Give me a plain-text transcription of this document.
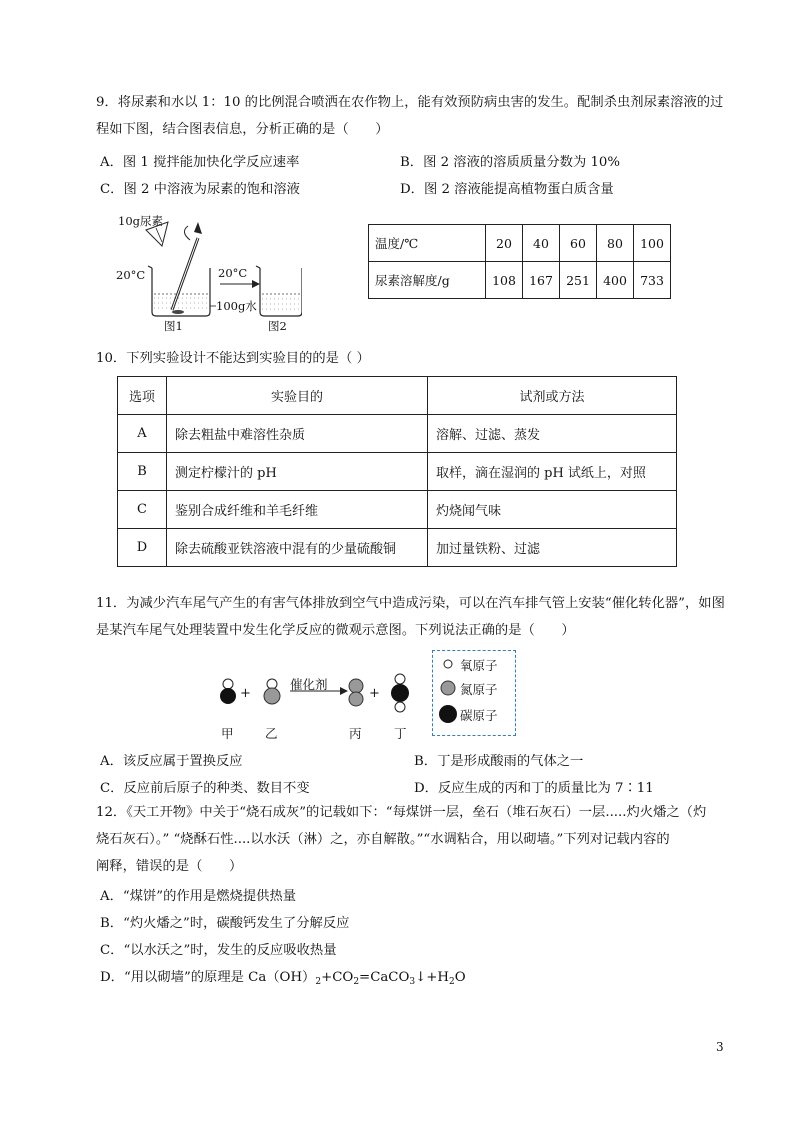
9．将尿素和水以 1：10 的比例混合喷洒在农作物上，能有效预防病虫害的发生。配制杀虫剂尿素溶液的过
程如下图，结合图表信息，分析正确的是（　　）
A．图 1 搅拌能加快化学反应速率	B．图 2 溶液的溶质质量分数为 10%
C．图 2 中溶液为尿素的饱和溶液	D．图 2 溶液能提高植物蛋白质含量
10g尿素
20°C	20°C
100g水
图1	图2
温度/℃	20	40	60	80	100
尿素溶解度/g	108	167	251	400	733
10．下列实验设计不能达到实验目的的是（ ）
选项	实验目的	试剂或方法
A	除去粗盐中难溶性杂质	溶解、过滤、蒸发
B	测定柠檬汁的 pH	取样，滴在湿润的 pH 试纸上，对照
C	鉴别合成纤维和羊毛纤维	灼烧闻气味
D	除去硫酸亚铁溶液中混有的少量硫酸铜	加过量铁粉、过滤
11．为减少汽车尾气产生的有害气体排放到空气中造成污染，可以在汽车排气管上安装“催化转化器”，如图
是某汽车尾气处理装置中发生化学反应的微观示意图。下列说法正确的是（　　）
+	+
催化剂
甲	乙	丙	丁
氧原子
氮原子
碳原子
A．该反应属于置换反应	B．丁是形成酸雨的气体之一
C．反应前后原子的种类、数目不变	D．反应生成的丙和丁的质量比为 7∶11
12．《天工开物》中关于“烧石成灰”的记载如下：“每煤饼一层，垒石（堆石灰石）一层.....灼火燔之（灼
烧石灰石）。” “烧酥石性....以水沃（淋）之，亦自解散。”“水调粘合，用以砌墙。”下列对记载内容的
阐释，错误的是（　　）
A．“煤饼”的作用是燃烧提供热量
B．“灼火燔之”时，碳酸钙发生了分解反应
C．“以水沃之”时，发生的反应吸收热量
D．“用以砌墙”的原理是 $Ca(OH)_2+CO_2=CaCO_3↓+H_2O$
3
